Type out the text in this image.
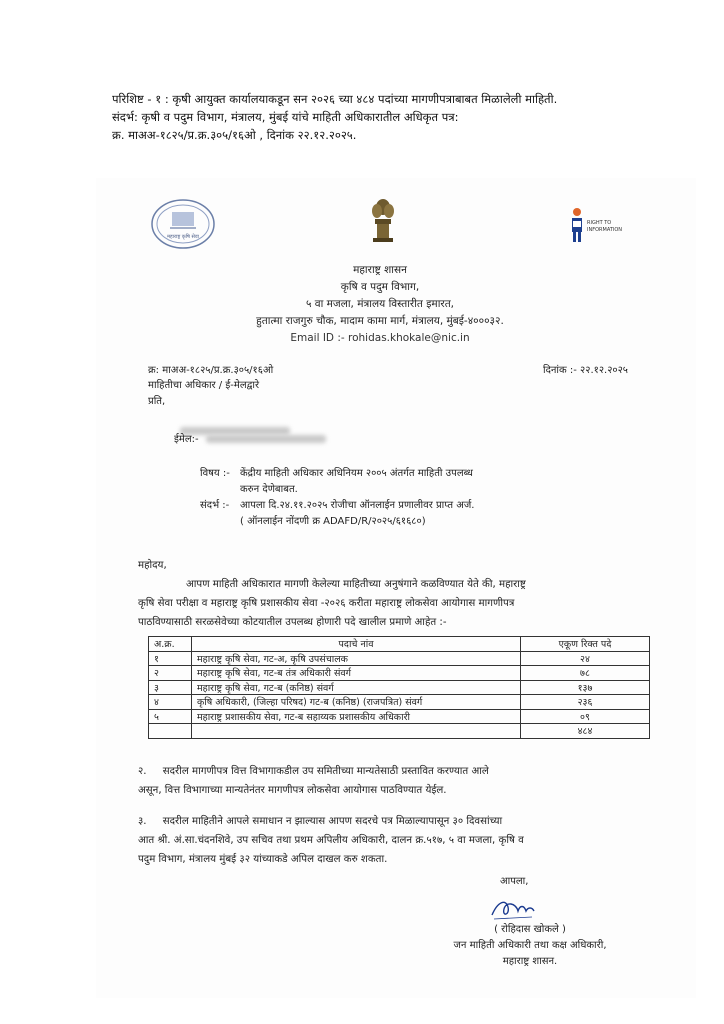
परिशिष्ट - १ : कृषी आयुक्त कार्यालयाकडून सन २०२६ च्या ४८४ पदांच्या मागणीपत्राबाबत मिळालेली माहिती.
संदर्भ: कृषी व पदुम विभाग, मंत्रालय, मुंबई यांचे माहिती अधिकारातील अधिकृत पत्र:
क्र. माअअ-१८२५/प्र.क्र.३०५/१६ओ , दिनांक २२.१२.२०२५.
महाराष्ट्र कृषि सेवा
RIGHT TO
INFORMATION
महाराष्ट्र शासन
कृषि व पदुम विभाग,
५ वा मजला, मंत्रालय विस्तारीत इमारत,
हुतात्मा राजगुरु चौक, मादाम कामा मार्ग, मंत्रालय, मुंबई-४०००३२.
Email ID :- rohidas.khokale@nic.in
क्र: माअअ-१८२५/प्र.क्र.३०५/१६ओ	दिनांक :- २२.१२.२०२५
माहितीचा अधिकार / ई-मेलद्वारे
प्रति,
ईमेल:-
विषय :-	केंद्रीय माहिती अधिकार अधिनियम २००५ अंतर्गत माहिती उपलब्ध
करुन देणेबाबत.
संदर्भ :-	आपला दि.२४.११.२०२५ रोजीचा ऑनलाईन प्रणालीवर प्राप्त अर्ज.
( ऑनलाईन नोंदणी क्र ADAFD/R/२०२५/६१६८०)
महोदय,
आपण माहिती अधिकारात मागणी केलेल्या माहितीच्या अनुषंगाने कळविण्यात येते की, महाराष्ट्र
कृषि सेवा परीक्षा व महाराष्ट्र कृषि प्रशासकीय सेवा -२०२६ करीता महाराष्ट्र लोकसेवा आयोगास मागणीपत्र
पाठविण्यासाठी सरळसेवेच्या कोटयातील उपलब्ध होणारी पदे खालील प्रमाणे आहेत :-
अ.क्र.	पदाचे नांव	एकूण रिक्त पदे
१	महाराष्ट्र कृषि सेवा, गट-अ, कृषि उपसंचालक	२४
२	महाराष्ट्र कृषि सेवा, गट-ब तंत्र अधिकारी संवर्ग	७८
३	महाराष्ट्र कृषि सेवा, गट-ब (कनिष्ठ) संवर्ग	१३७
४	कृषि अधिकारी, (जिल्हा परिषद) गट-ब (कनिष्ठ) (राजपत्रित) संवर्ग	२३६
५	महाराष्ट्र प्रशासकीय सेवा, गट-ब सहाय्यक प्रशासकीय अधिकारी	०९
		४८४
२.     सदरील मागणीपत्र वित्त विभागाकडील उप समितीच्या मान्यतेसाठी प्रस्तावित करण्यात आले
असून, वित्त विभागाच्या मान्यतेनंतर मागणीपत्र लोकसेवा आयोगास पाठविण्यात येईल.
३.     सदरील माहितीने आपले समाधान न झाल्यास आपण सदरचे पत्र मिळाल्यापासून ३० दिवसांच्या
आत श्री. अं.सा.चंदनशिवे, उप सचिव तथा प्रथम अपिलीय अधिकारी, दालन क्र.५१७, ५ वा मजला, कृषि व
पदुम विभाग, मंत्रालय मुंबई ३२ यांच्याकडे अपिल दाखल करु शकता.
आपला,
( रोहिदास खोकले )
जन माहिती अधिकारी तथा कक्ष अधिकारी,
महाराष्ट्र शासन.
